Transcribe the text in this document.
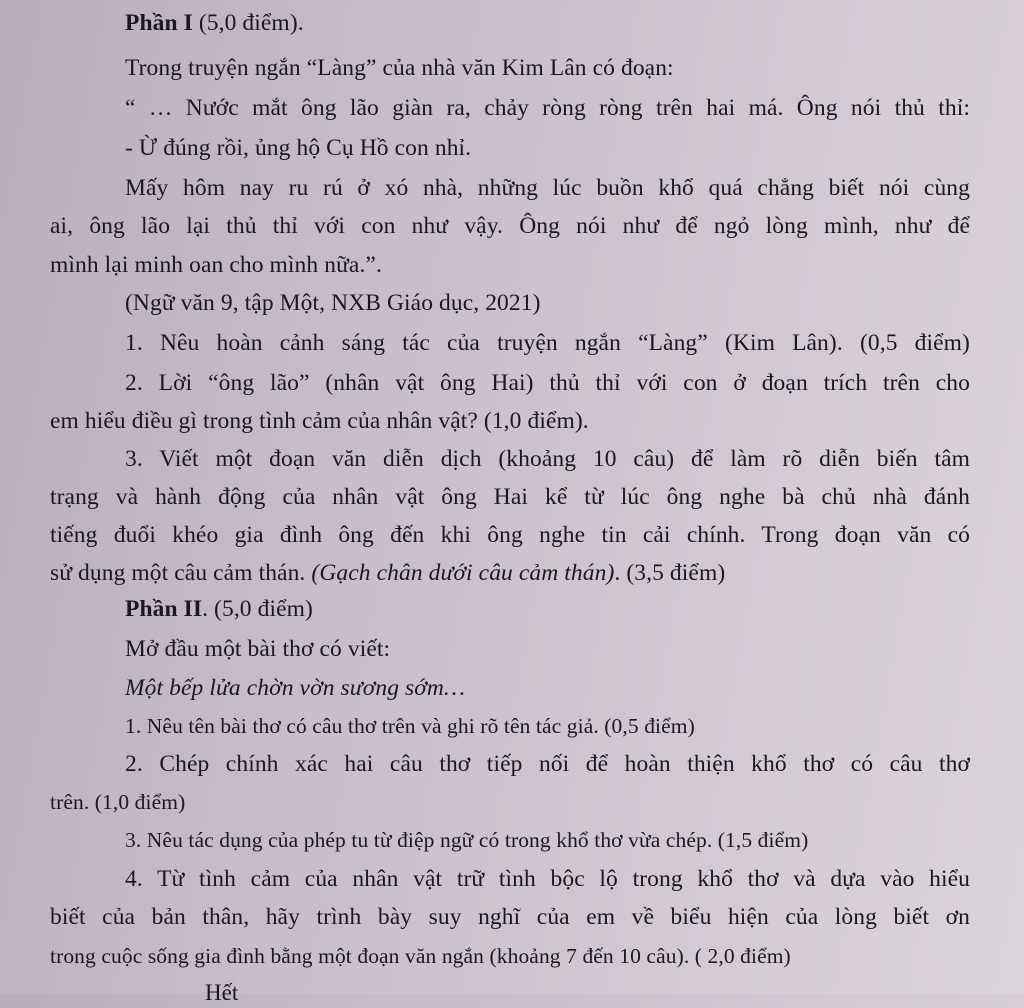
Phần I (5,0 điểm).
Trong truyện ngắn “Làng” của nhà văn Kim Lân có đoạn:
“ … Nước mắt ông lão giàn ra, chảy ròng ròng trên hai má. Ông nói thủ thỉ:
- Ừ đúng rồi, ủng hộ Cụ Hồ con nhỉ.
Mấy hôm nay ru rú ở xó nhà, những lúc buồn khổ quá chẳng biết nói cùng
ai, ông lão lại thủ thỉ với con như vậy. Ông nói như để ngỏ lòng mình, như để
mình lại minh oan cho mình nữa.”.
(Ngữ văn 9, tập Một, NXB Giáo dục, 2021)
1. Nêu hoàn cảnh sáng tác của truyện ngắn “Làng” (Kim Lân). (0,5 điểm)
2. Lời “ông lão” (nhân vật ông Hai) thủ thỉ với con ở đoạn trích trên cho
em hiểu điều gì trong tình cảm của nhân vật? (1,0 điểm).
3. Viết một đoạn văn diễn dịch (khoảng 10 câu) để làm rõ diễn biến tâm
trạng và hành động của nhân vật ông Hai kể từ lúc ông nghe bà chủ nhà đánh
tiếng đuổi khéo gia đình ông đến khi ông nghe tin cải chính. Trong đoạn văn có
sử dụng một câu cảm thán. (Gạch chân dưới câu cảm thán). (3,5 điểm)
Phần II. (5,0 điểm)
Mở đầu một bài thơ có viết:
Một bếp lửa chờn vờn sương sớm…
1. Nêu tên bài thơ có câu thơ trên và ghi rõ tên tác giả. (0,5 điểm)
2. Chép chính xác hai câu thơ tiếp nối để hoàn thiện khổ thơ có câu thơ
trên. (1,0 điểm)
3. Nêu tác dụng của phép tu từ điệp ngữ có trong khổ thơ vừa chép. (1,5 điểm)
4. Từ tình cảm của nhân vật trữ tình bộc lộ trong khổ thơ và dựa vào hiểu
biết của bản thân, hãy trình bày suy nghĩ của em về biểu hiện của lòng biết ơn
trong cuộc sống gia đình bằng một đoạn văn ngắn (khoảng 7 đến 10 câu). ( 2,0 điểm)
Hết
